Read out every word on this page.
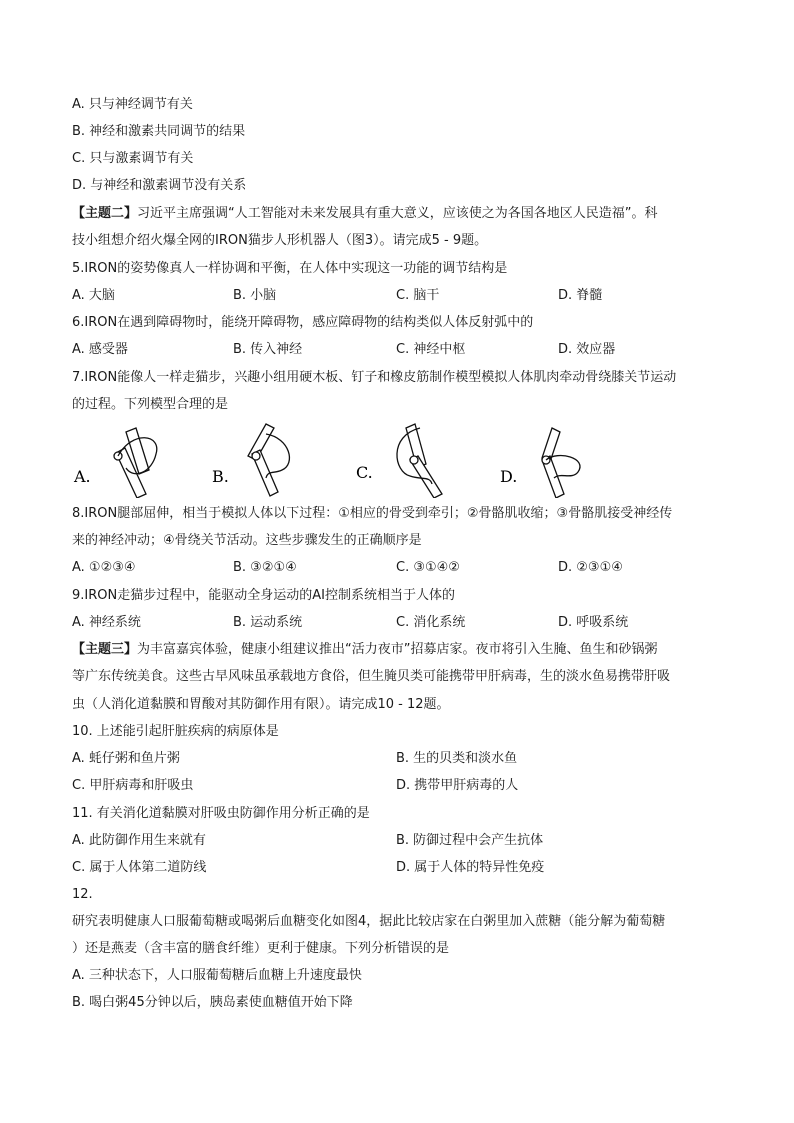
A. 只与神经调节有关
B. 神经和激素共同调节的结果
C. 只与激素调节有关
D. 与神经和激素调节没有关系
【主题二】习近平主席强调“人工智能对未来发展具有重大意义，应该使之为各国各地区人民造福”。科
技小组想介绍火爆全网的IRON猫步人形机器人（图3）。请完成5 - 9题。
5.IRON的姿势像真人一样协调和平衡，在人体中实现这一功能的调节结构是
A. 大脑	B. 小脑	C. 脑干	D. 脊髓
6.IRON在遇到障碍物时，能绕开障碍物，感应障碍物的结构类似人体反射弧中的
A. 感受器	B. 传入神经	C. 神经中枢	D. 效应器
7.IRON能像人一样走猫步，兴趣小组用硬木板、钉子和橡皮筋制作模型模拟人体肌肉牵动骨绕膝关节运动
的过程。下列模型合理的是
A.	B.	C.	D.
8.IRON腿部屈伸，相当于模拟人体以下过程：①相应的骨受到牵引；②骨骼肌收缩；③骨骼肌接受神经传
来的神经冲动；④骨绕关节活动。这些步骤发生的正确顺序是
A. ①②③④	B. ③②①④	C. ③①④②	D. ②③①④
9.IRON走猫步过程中，能驱动全身运动的AI控制系统相当于人体的
A. 神经系统	B. 运动系统	C. 消化系统	D. 呼吸系统
【主题三】为丰富嘉宾体验，健康小组建议推出“活力夜市”招募店家。夜市将引入生腌、鱼生和砂锅粥
等广东传统美食。这些古早风味虽承载地方食俗，但生腌贝类可能携带甲肝病毒，生的淡水鱼易携带肝吸
虫（人消化道黏膜和胃酸对其防御作用有限）。请完成10 - 12题。
10. 上述能引起肝脏疾病的病原体是
A. 蚝仔粥和鱼片粥	B. 生的贝类和淡水鱼
C. 甲肝病毒和肝吸虫	D. 携带甲肝病毒的人
11. 有关消化道黏膜对肝吸虫防御作用分析正确的是
A. 此防御作用生来就有	B. 防御过程中会产生抗体
C. 属于人体第二道防线	D. 属于人体的特异性免疫
12.
研究表明健康人口服葡萄糖或喝粥后血糖变化如图4，据此比较店家在白粥里加入蔗糖（能分解为葡萄糖
）还是燕麦（含丰富的膳食纤维）更利于健康。下列分析错误的是
A. 三种状态下，人口服葡萄糖后血糖上升速度最快
B. 喝白粥45分钟以后，胰岛素使血糖值开始下降
